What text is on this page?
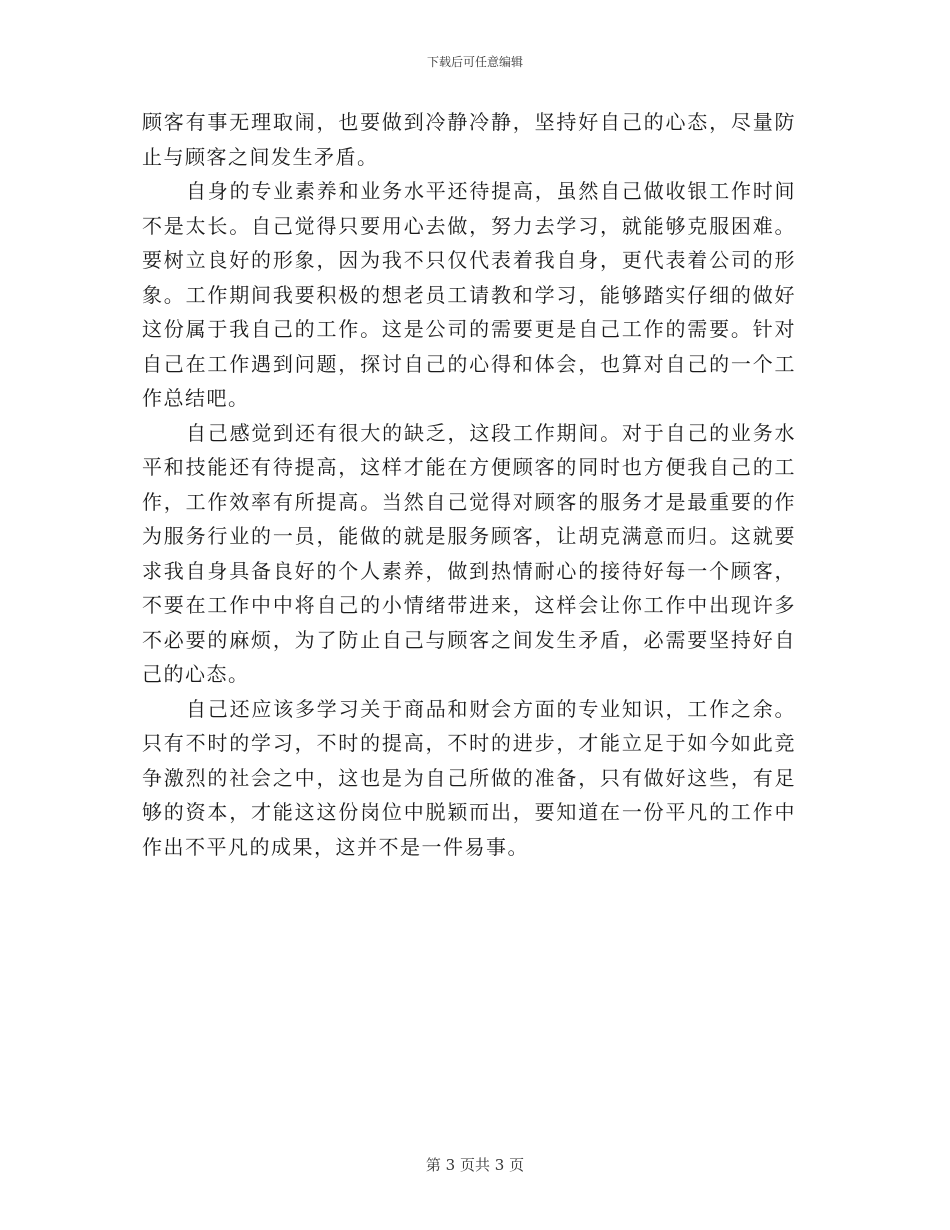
下载后可任意编辑

顾客有事无理取闹，也要做到冷静冷静，坚持好自己的心态，尽量防止与顾客之间发生矛盾。

自身的专业素养和业务水平还待提高，虽然自己做收银工作时间不是太长。自己觉得只要用心去做，努力去学习，就能够克服困难。要树立良好的形象，因为我不只仅代表着我自身，更代表着公司的形象。工作期间我要积极的想老员工请教和学习，能够踏实仔细的做好这份属于我自己的工作。这是公司的需要更是自己工作的需要。针对自己在工作遇到问题，探讨自己的心得和体会，也算对自己的一个工作总结吧。

自己感觉到还有很大的缺乏，这段工作期间。对于自己的业务水平和技能还有待提高，这样才能在方便顾客的同时也方便我自己的工作，工作效率有所提高。当然自己觉得对顾客的服务才是最重要的作为服务行业的一员，能做的就是服务顾客，让胡克满意而归。这就要求我自身具备良好的个人素养，做到热情耐心的接待好每一个顾客，不要在工作中中将自己的小情绪带进来，这样会让你工作中出现许多不必要的麻烦，为了防止自己与顾客之间发生矛盾，必需要坚持好自己的心态。

自己还应该多学习关于商品和财会方面的专业知识，工作之余。只有不时的学习，不时的提高，不时的进步，才能立足于如今如此竞争激烈的社会之中，这也是为自己所做的准备，只有做好这些，有足够的资本，才能这这份岗位中脱颖而出，要知道在一份平凡的工作中作出不平凡的成果，这并不是一件易事。

第 3 页共 3 页
